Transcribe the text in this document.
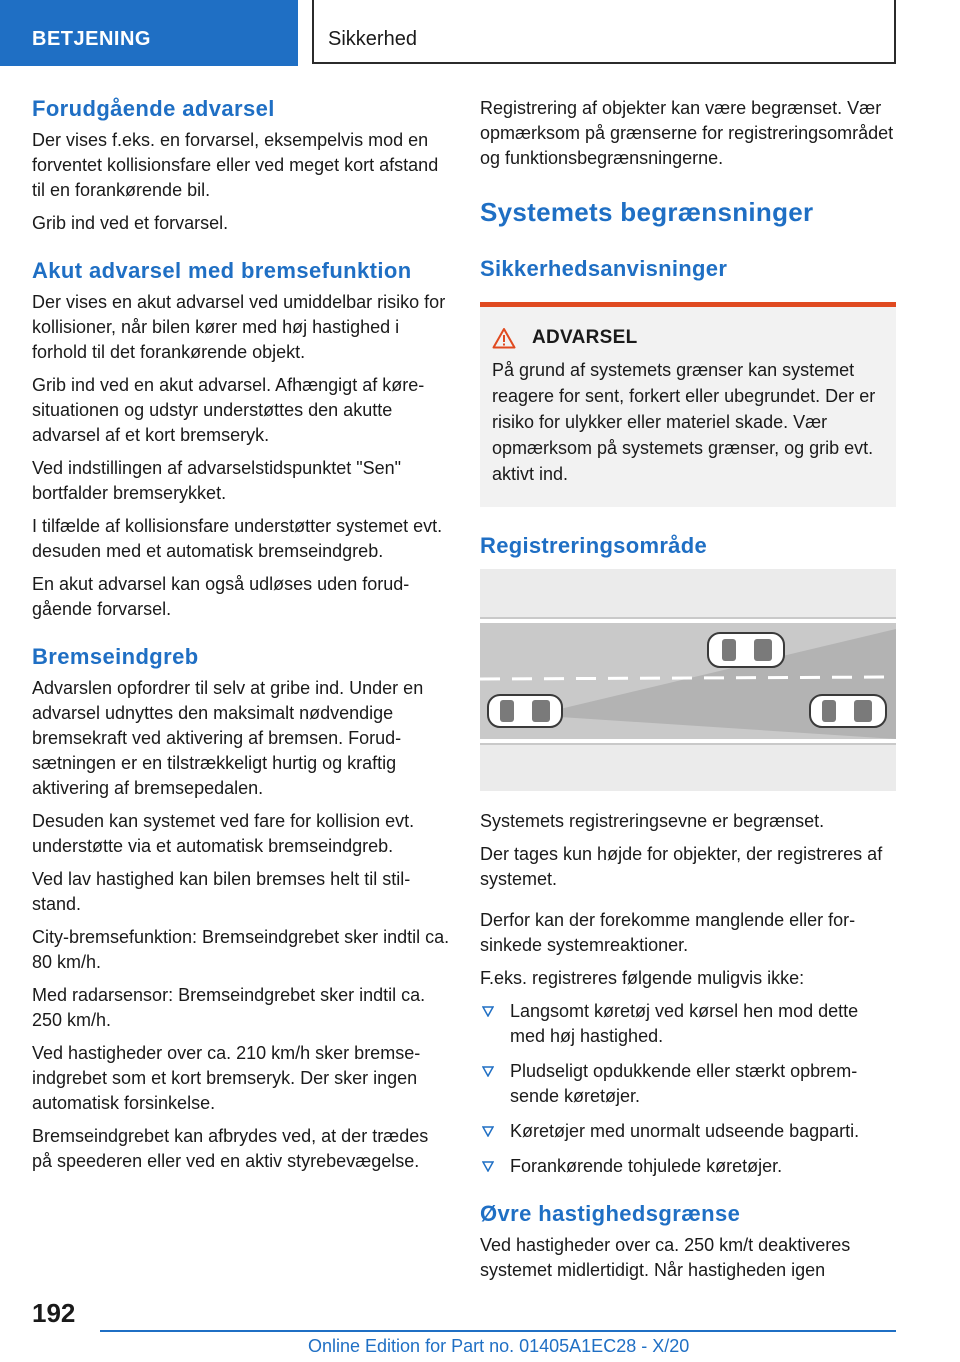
BETJENING	Sikkerhed
Forudgående advarsel

Der vises f.eks. en forvarsel, eksempelvis mod en forventet kollisionsfare eller ved meget kort afstand til en forankørende bil.

Grib ind ved et forvarsel.

Akut advarsel med bremsefunktion

Der vises en akut advarsel ved umiddelbar risiko for kollisioner, når bilen kører med høj hastighed i forhold til det forankørende objekt.

Grib ind ved en akut advarsel. Afhængigt af køresituationen og udstyr understøttes den akutte advarsel af et kort bremseryk.

Ved indstillingen af advarselstidspunktet "Sen" bortfalder bremserykket.

I tilfælde af kollisionsfare understøtter systemet evt. desuden med et automatisk bremseindgreb.

En akut advarsel kan også udløses uden forudgående forvarsel.

Bremseindgreb

Advarslen opfordrer til selv at gribe ind. Under en advarsel udnyttes den maksimalt nødvendige bremsekraft ved aktivering af bremsen. Forudsætningen er en tilstrækkeligt hurtig og kraftig aktivering af bremsepedalen.

Desuden kan systemet ved fare for kollision evt. understøtte via et automatisk bremseindgreb.

Ved lav hastighed kan bilen bremses helt til stilstand.

City-bremsefunktion: Bremseindgrebet sker indtil ca. 80 km/h.

Med radarsensor: Bremseindgrebet sker indtil ca. 250 km/h.

Ved hastigheder over ca. 210 km/h sker bremseindgrebet som et kort bremseryk. Der sker ingen automatisk forsinkelse.

Bremseindgrebet kan afbrydes ved, at der trædes på speederen eller ved en aktiv styrebevægelse.

Registrering af objekter kan være begrænset. Vær opmærksom på grænserne for registreringsområdet og funktionsbegrænsningerne.

Systemets begrænsninger
Sikkerhedsanvisninger
ADVARSEL

På grund af systemets grænser kan systemet reagere for sent, forkert eller ubegrundet. Der er risiko for ulykker eller materiel skade. Vær opmærksom på systemets grænser, og grib evt. aktivt ind.

Registreringsområde

Systemets registreringsevne er begrænset.

Der tages kun højde for objekter, der registreres af systemet.

Derfor kan der forekomme manglende eller forsinkede systemreaktioner.

F.eks. registreres følgende muligvis ikke:

Langsomt køretøj ved kørsel hen mod dette med høj hastighed.
Pludseligt opdukkende eller stærkt opbremsende køretøjer.
Køretøjer med unormalt udseende bagparti.
Forankørende tohjulede køretøjer.
Øvre hastighedsgrænse

Ved hastigheder over ca. 250 km/t deaktiveres systemet midlertidigt. Når hastigheden igen

192
Online Edition for Part no. 01405A1EC28 - X/20
